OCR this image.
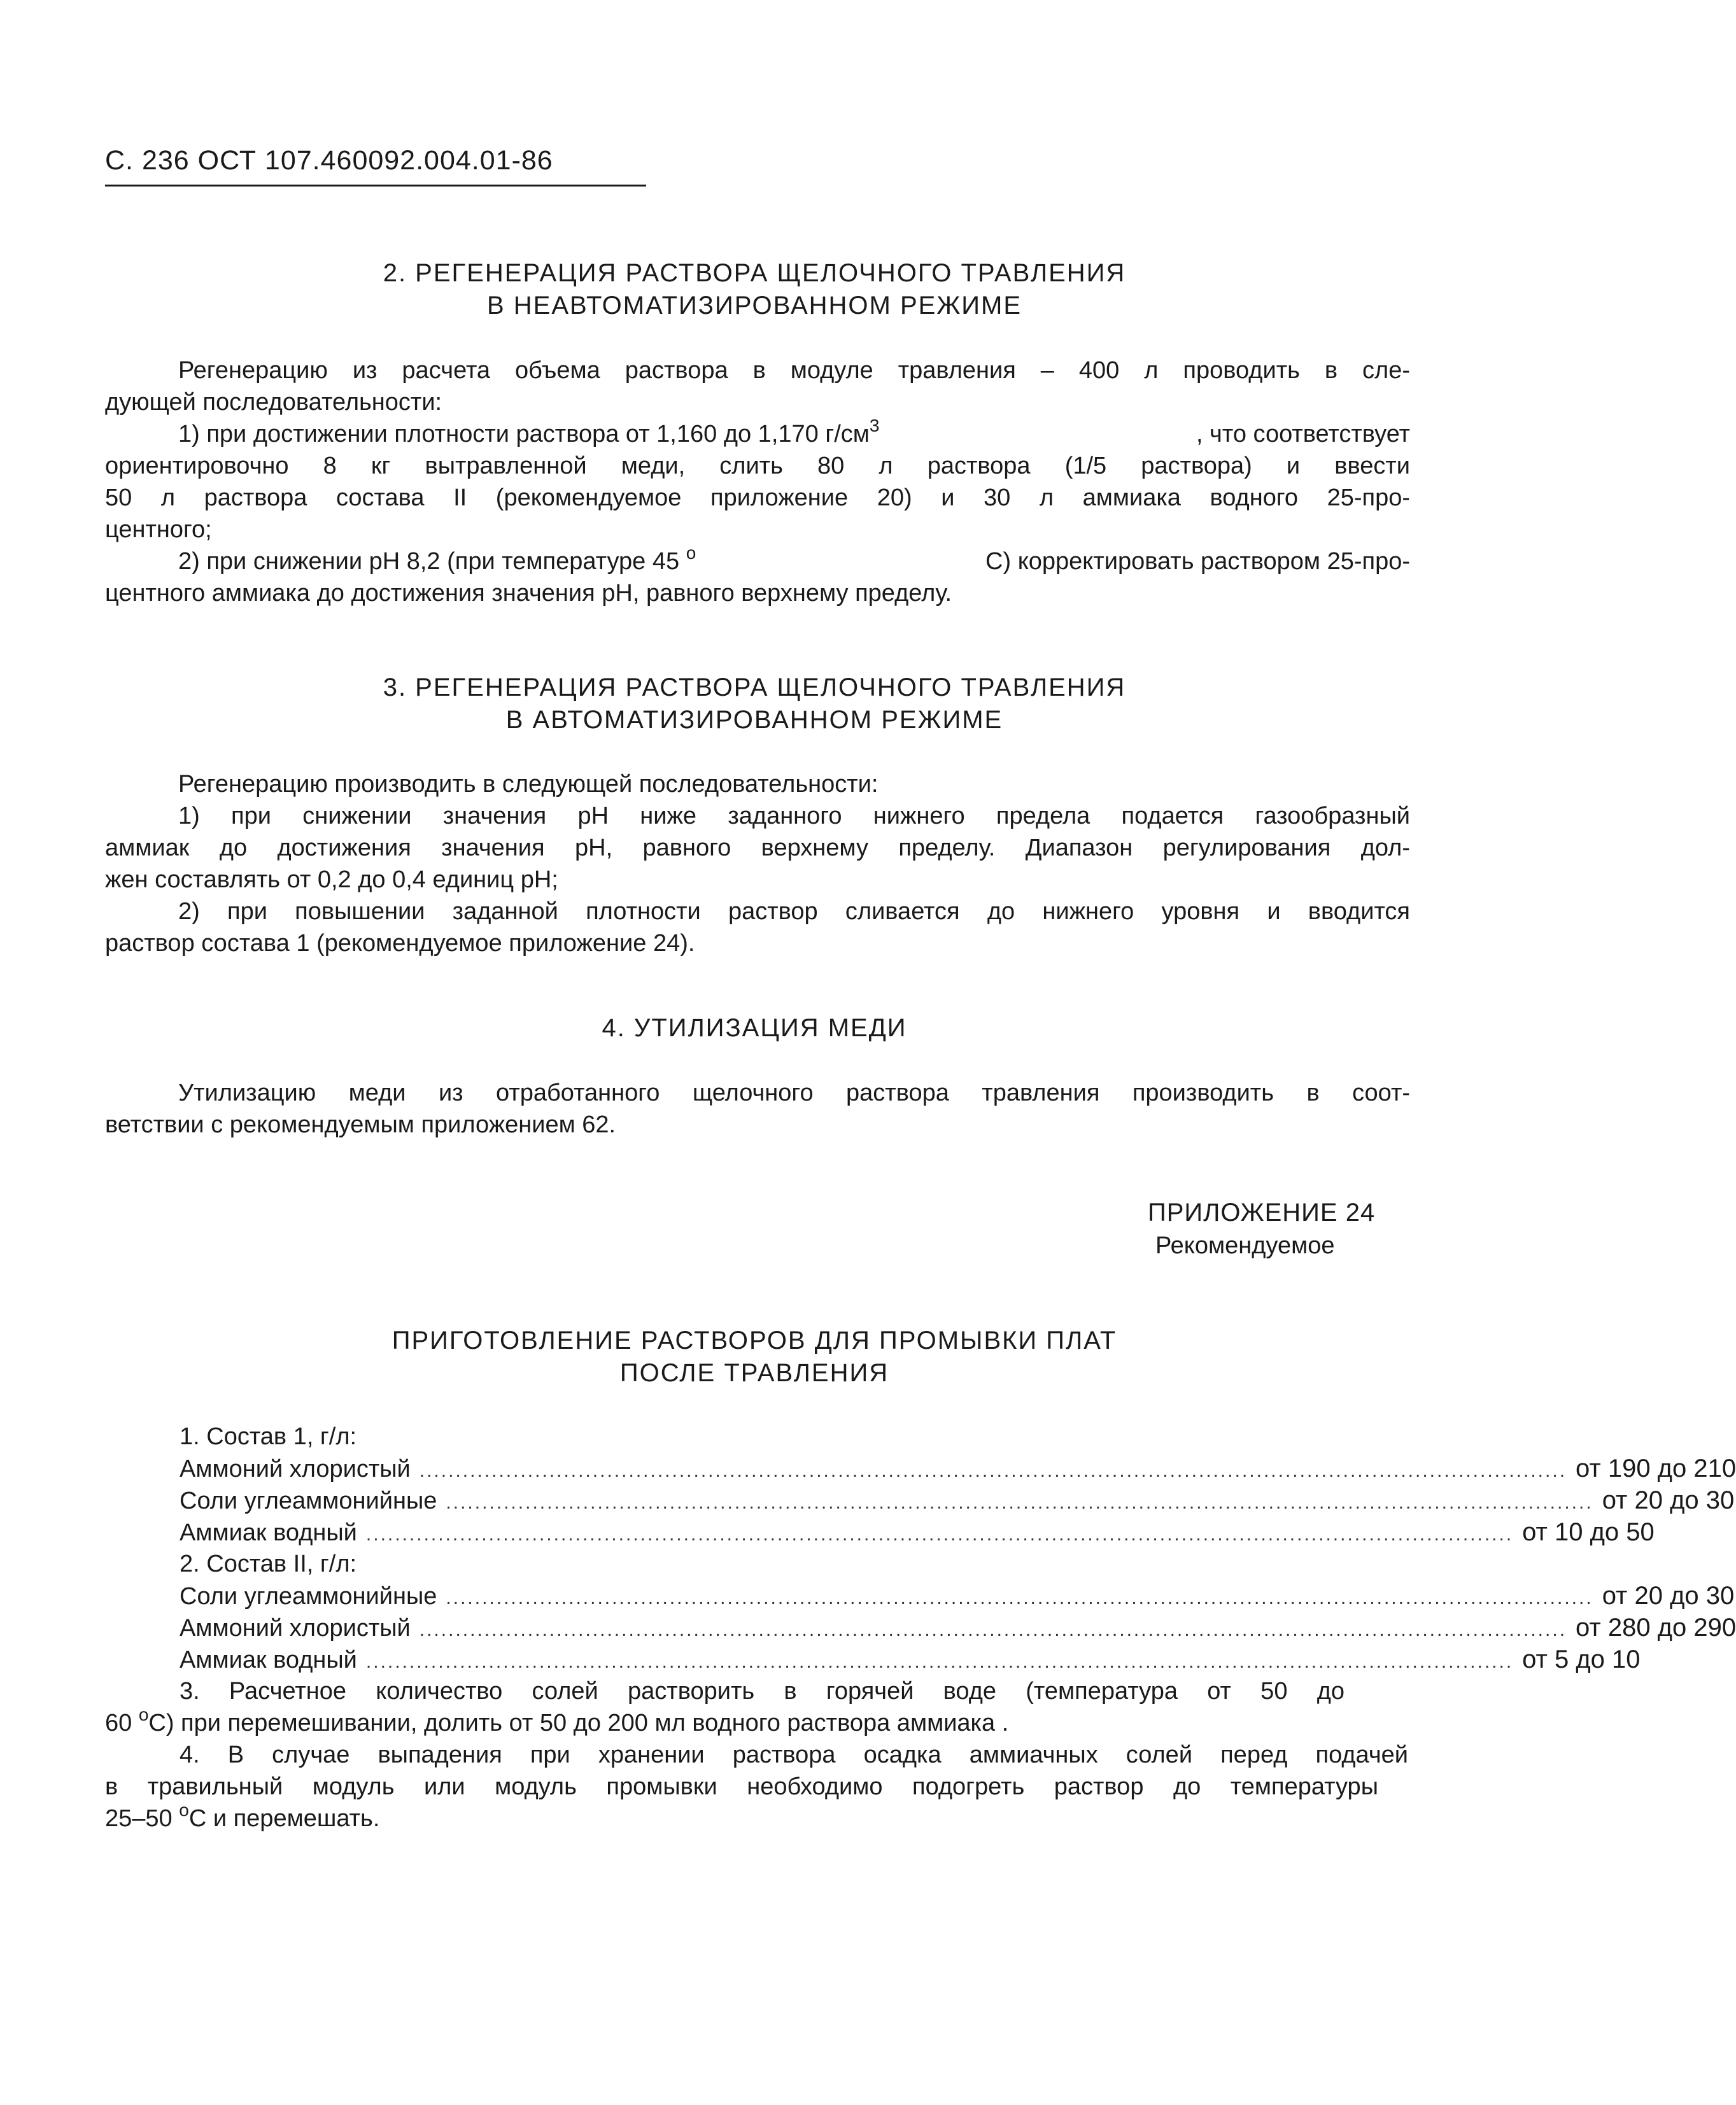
С. 236 ОСТ 107.460092.004.01-86
2. РЕГЕНЕРАЦИЯ РАСТВОРА ЩЕЛОЧНОГО ТРАВЛЕНИЯ
В НЕАВТОМАТИЗИРОВАННОМ РЕЖИМЕ
Регенерацию из расчета объема раствора в модуле травления – 400 л проводить в сле-
дующей последовательности:
1) при достижении плотности раствора от 1,160 до 1,170 $г/см^3$	, что соответствует
ориентировочно 8 кг вытравленной меди, слить 80 л раствора (1/5 раствора) и ввести
50 л раствора состава II (рекомендуемое приложение 20) и 30 л аммиака водного 25-про-
центного;
2) при снижении рН 8,2 (при температуре 45 $^о$	С) корректировать раствором 25-про-
центного аммиака до достижения значения рН, равного верхнему пределу.
3. РЕГЕНЕРАЦИЯ РАСТВОРА ЩЕЛОЧНОГО ТРАВЛЕНИЯ
В АВТОМАТИЗИРОВАННОМ РЕЖИМЕ
Регенерацию производить в следующей последовательности:
1) при снижении значения рН ниже заданного нижнего предела подается газообразный
аммиак до достижения значения рН, равного верхнему пределу. Диапазон регулирования дол-
жен составлять от 0,2 до 0,4 единиц рН;
2) при повышении заданной плотности раствор сливается до нижнего уровня и вводится
раствор состава 1 (рекомендуемое приложение 24).
4. УТИЛИЗАЦИЯ МЕДИ
Утилизацию меди из отработанного щелочного раствора травления производить в соот-
ветствии с рекомендуемым приложением 62.
ПРИЛОЖЕНИЕ 24
Рекомендуемое
ПРИГОТОВЛЕНИЕ РАСТВОРОВ ДЛЯ ПРОМЫВКИ ПЛАТ
ПОСЛЕ ТРАВЛЕНИЯ
1. Состав 1, г/л:
Аммоний хлористый ............................................................................................................................................................... от 190 до 210
Соли углеаммонийные ............................................................................................................................................................... от 20 до 30
Аммиак водный ............................................................................................................................................................... от 10 до 50
2. Состав II, г/л:
Соли углеаммонийные ............................................................................................................................................................... от 20 до 30
Аммоний хлористый ............................................................................................................................................................... от 280 до 290
Аммиак водный ............................................................................................................................................................... от 5 до 10
3. Расчетное количество солей растворить в горячей воде (температура от 50 до
60 $^о$С) при перемешивании, долить от 50 до 200 мл водного раствора аммиака .
4. В случае выпадения при хранении раствора осадка аммиачных солей перед подачей
в травильный модуль или модуль промывки необходимо подогреть раствор до температуры
25–50 $^о$С и перемешать.
